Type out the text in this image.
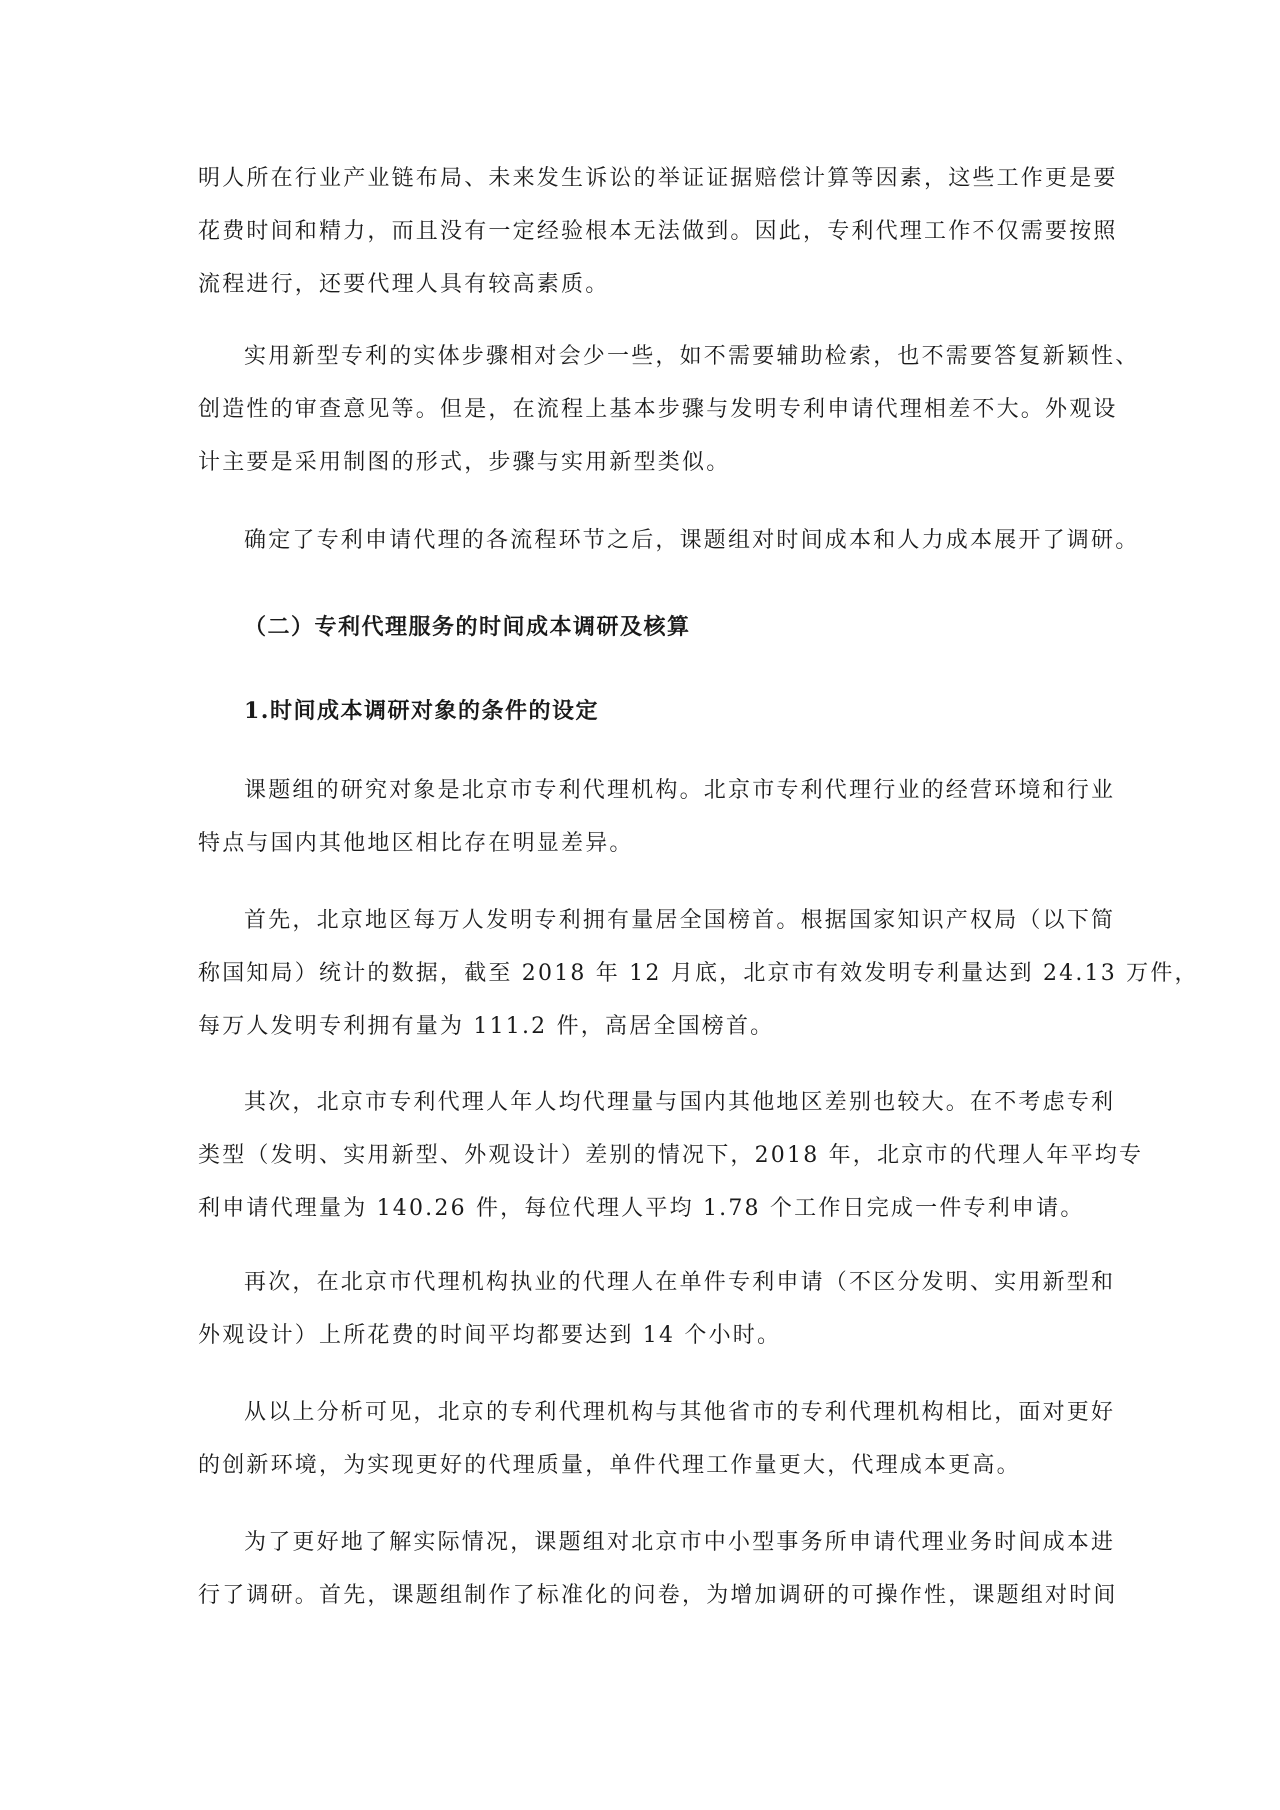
明人所在行业产业链布局、未来发生诉讼的举证证据赔偿计算等因素，这些工作更是要
花费时间和精力，而且没有一定经验根本无法做到。因此，专利代理工作不仅需要按照
流程进行，还要代理人具有较高素质。
实用新型专利的实体步骤相对会少一些，如不需要辅助检索，也不需要答复新颖性、
创造性的审查意见等。但是，在流程上基本步骤与发明专利申请代理相差不大。外观设
计主要是采用制图的形式，步骤与实用新型类似。
确定了专利申请代理的各流程环节之后，课题组对时间成本和人力成本展开了调研。
（二）专利代理服务的时间成本调研及核算
1.时间成本调研对象的条件的设定
课题组的研究对象是北京市专利代理机构。北京市专利代理行业的经营环境和行业
特点与国内其他地区相比存在明显差异。
首先，北京地区每万人发明专利拥有量居全国榜首。根据国家知识产权局（以下简
称国知局）统计的数据，截至 2018 年 12 月底，北京市有效发明专利量达到 24.13 万件，
每万人发明专利拥有量为 111.2 件，高居全国榜首。
其次，北京市专利代理人年人均代理量与国内其他地区差别也较大。在不考虑专利
类型（发明、实用新型、外观设计）差别的情况下，2018 年，北京市的代理人年平均专
利申请代理量为 140.26 件，每位代理人平均 1.78 个工作日完成一件专利申请。
再次，在北京市代理机构执业的代理人在单件专利申请（不区分发明、实用新型和
外观设计）上所花费的时间平均都要达到 14 个小时。
从以上分析可见，北京的专利代理机构与其他省市的专利代理机构相比，面对更好
的创新环境，为实现更好的代理质量，单件代理工作量更大，代理成本更高。
为了更好地了解实际情况，课题组对北京市中小型事务所申请代理业务时间成本进
行了调研。首先，课题组制作了标准化的问卷，为增加调研的可操作性，课题组对时间
